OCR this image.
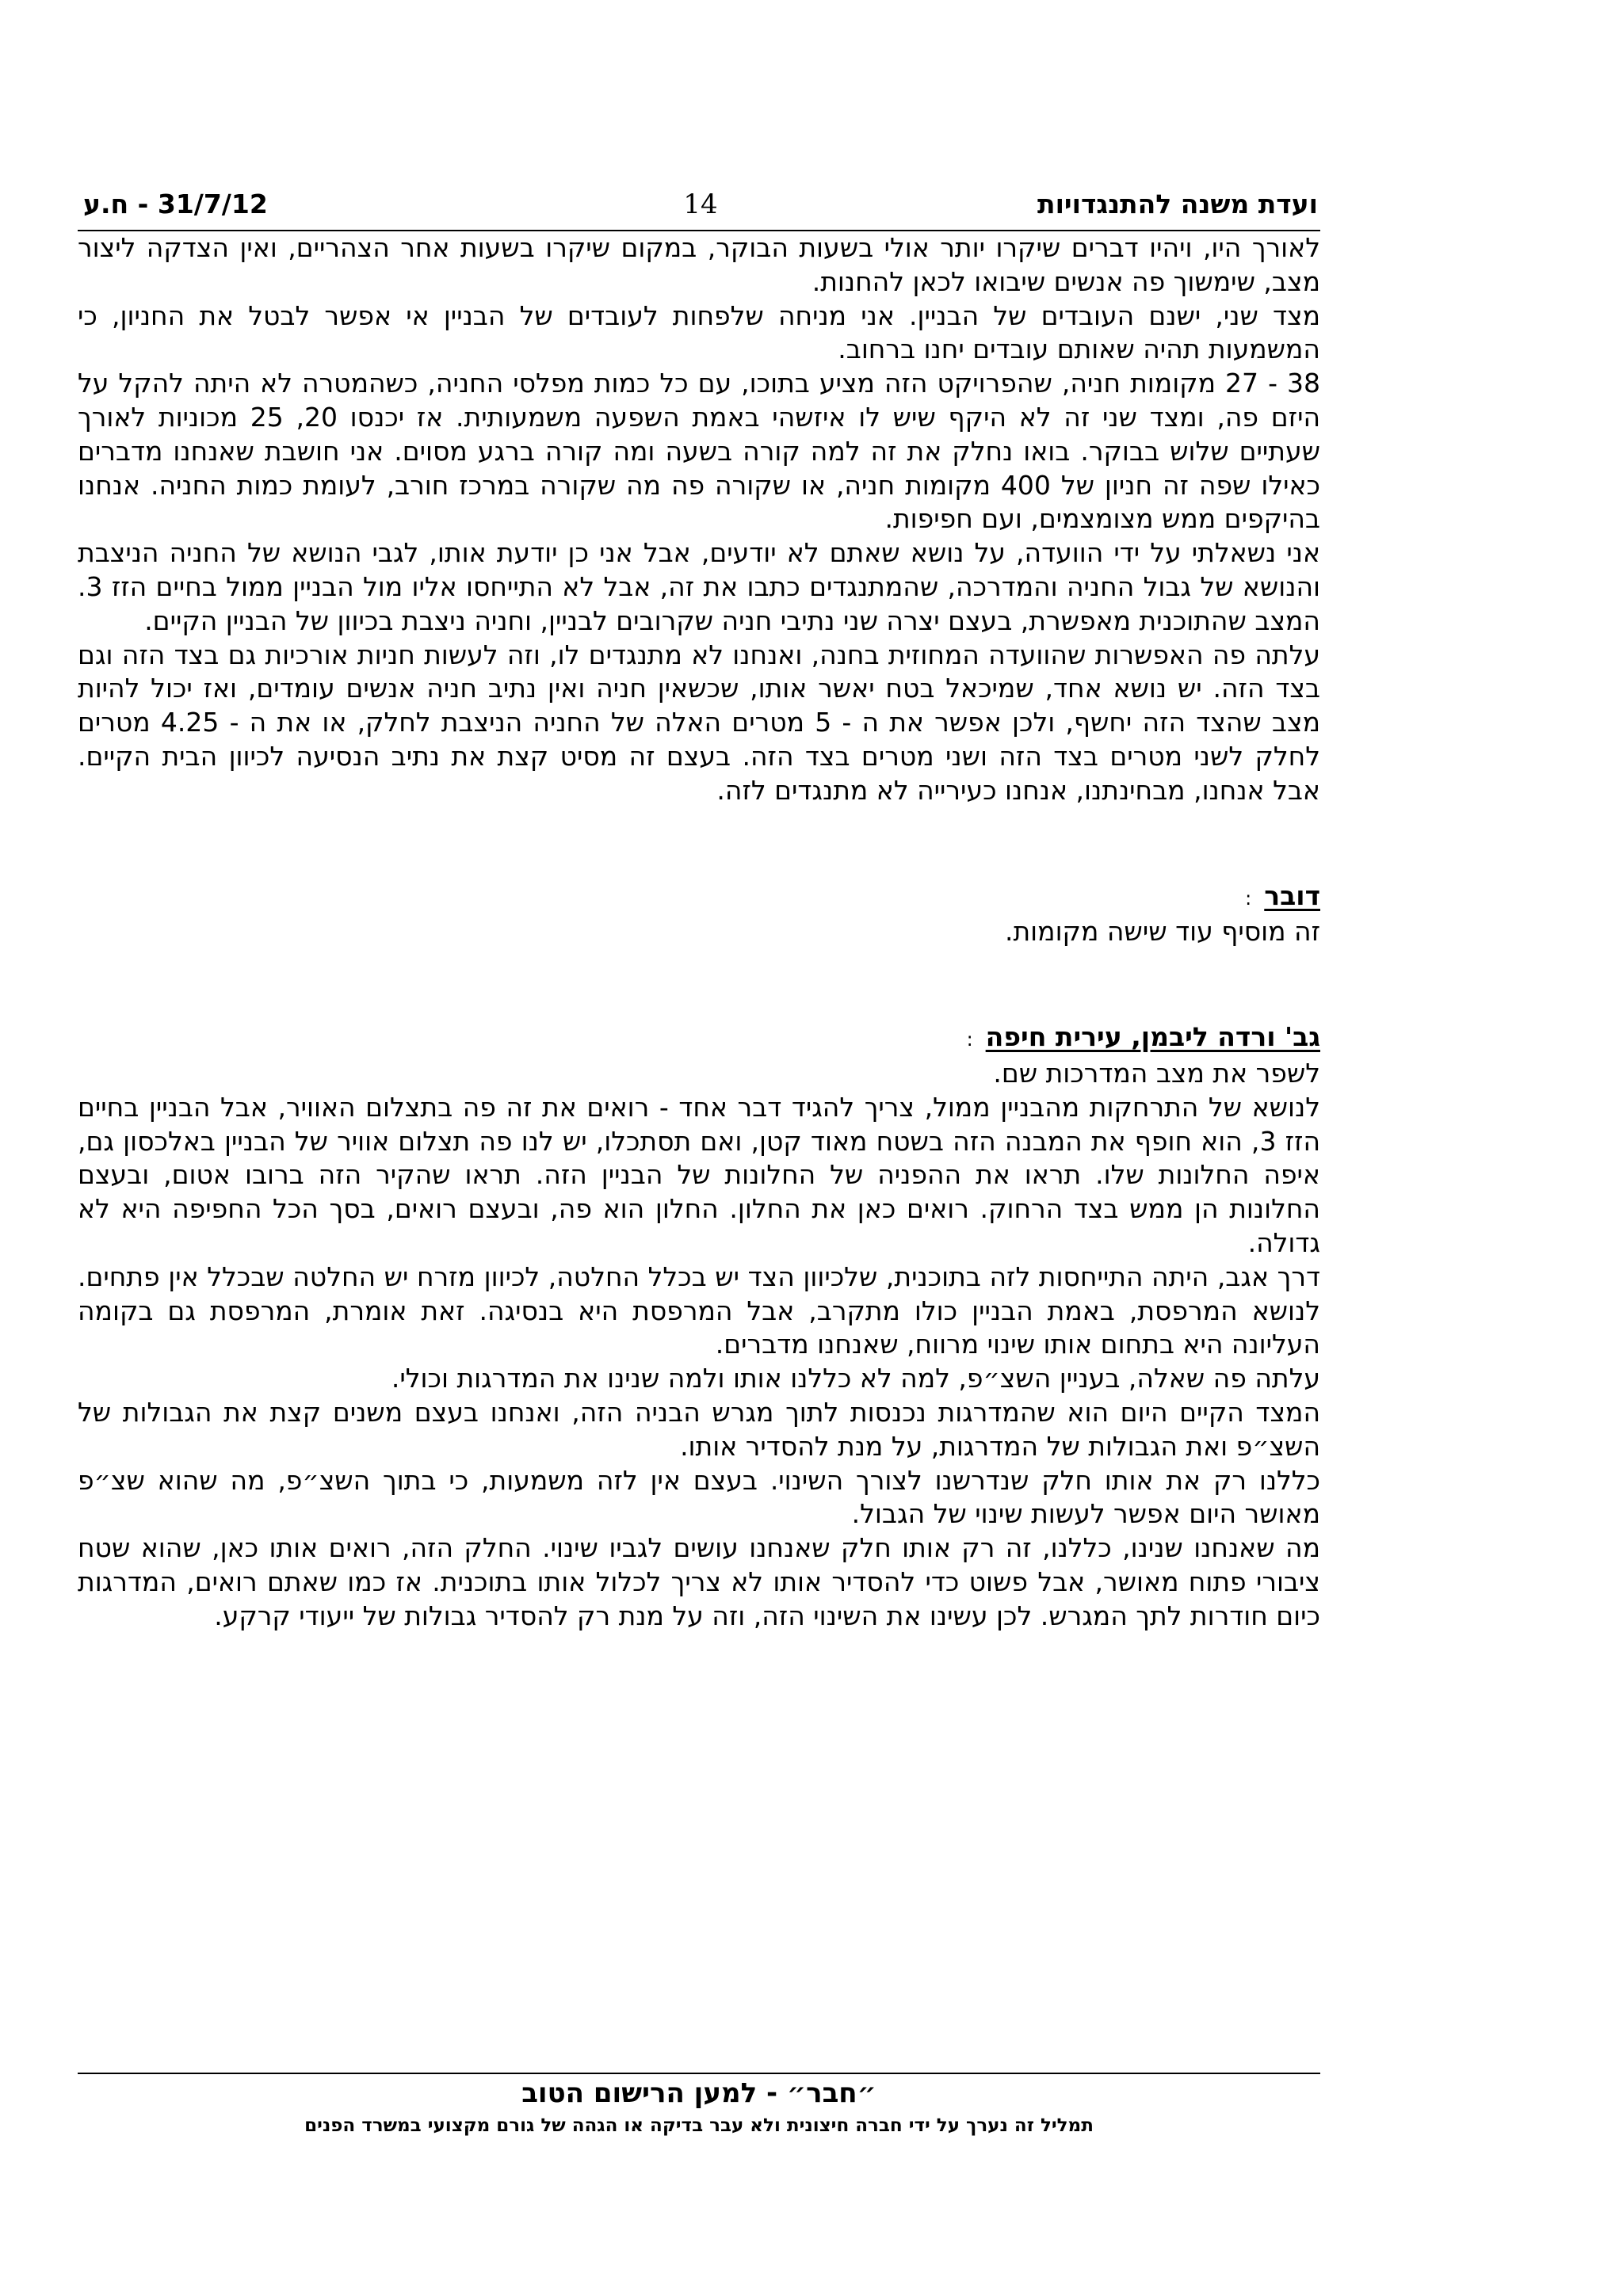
ועדת משנה להתנגדויות
14
31/7/12 - ח.ע

לאורך היו, ויהיו דברים שיקרו יותר אולי בשעות הבוקר, במקום שיקרו בשעות אחר הצהריים, ואין הצדקה ליצור מצב, שימשוך פה אנשים שיבואו לכאן להחנות.

מצד שני, ישנם העובדים של הבניין. אני מניחה שלפחות לעובדים של הבניין אי אפשר לבטל את החניון, כי המשמעות תהיה שאותם עובדים יחנו ברחוב.

38 - 27 מקומות חניה, שהפרויקט הזה מציע בתוכו, עם כל כמות מפלסי החניה, כשהמטרה לא היתה להקל על היזם פה, ומצד שני זה לא היקף שיש לו איזשהי באמת השפעה משמעותית. אז יכנסו 20, 25 מכוניות לאורך שעתיים שלוש בבוקר. בואו נחלק את זה למה קורה בשעה ומה קורה ברגע מסוים. אני חושבת שאנחנו מדברים כאילו שפה זה חניון של 400 מקומות חניה, או שקורה פה מה שקורה במרכז חורב, לעומת כמות החניה. אנחנו בהיקפים ממש מצומצמים, ועם חפיפות.

אני נשאלתי על ידי הוועדה, על נושא שאתם לא יודעים, אבל אני כן יודעת אותו, לגבי הנושא של החניה הניצבת והנושא של גבול החניה והמדרכה, שהמתנגדים כתבו את זה, אבל לא התייחסו אליו מול הבניין ממול בחיים הזז 3. המצב שהתוכנית מאפשרת, בעצם יצרה שני נתיבי חניה שקרובים לבניין, וחניה ניצבת בכיוון של הבניין הקיים.

עלתה פה האפשרות שהוועדה המחוזית בחנה, ואנחנו לא מתנגדים לו, וזה לעשות חניות אורכיות גם בצד הזה וגם בצד הזה. יש נושא אחד, שמיכאל בטח יאשר אותו, שכשאין חניה ואין נתיב חניה אנשים עומדים, ואז יכול להיות מצב שהצד הזה יחשף, ולכן אפשר את ה - 5 מטרים האלה של החניה הניצבת לחלק, או את ה - 4.25 מטרים לחלק לשני מטרים בצד הזה ושני מטרים בצד הזה. בעצם זה מסיט קצת את נתיב הנסיעה לכיוון הבית הקיים. אבל אנחנו, מבחינתנו, אנחנו כעירייה לא מתנגדים לזה.

דובר:

זה מוסיף עוד שישה מקומות.

גב' ורדה ליבמן, עירית חיפה:

לשפר את מצב המדרכות שם.

לנושא של התרחקות מהבניין ממול, צריך להגיד דבר אחד - רואים את זה פה בתצלום האוויר, אבל הבניין בחיים הזז 3, הוא חופף את המבנה הזה בשטח מאוד קטן, ואם תסתכלו, יש לנו פה תצלום אוויר של הבניין באלכסון גם, איפה החלונות שלו. תראו את ההפניה של החלונות של הבניין הזה. תראו שהקיר הזה ברובו אטום, ובעצם החלונות הן ממש בצד הרחוק. רואים כאן את החלון. החלון הוא פה, ובעצם רואים, בסך הכל החפיפה היא לא גדולה.

דרך אגב, היתה התייחסות לזה בתוכנית, שלכיוון הצד יש בכלל החלטה, לכיוון מזרח יש החלטה שבכלל אין פתחים. לנושא המרפסת, באמת הבניין כולו מתקרב, אבל המרפסת היא בנסיגה. זאת אומרת, המרפסת גם בקומה העליונה היא בתחום אותו שינוי מרווח, שאנחנו מדברים.

עלתה פה שאלה, בעניין השצ״פ, למה לא כללנו אותו ולמה שנינו את המדרגות וכולי.

המצד הקיים היום הוא שהמדרגות נכנסות לתוך מגרש הבניה הזה, ואנחנו בעצם משנים קצת את הגבולות של השצ״פ ואת הגבולות של המדרגות, על מנת להסדיר אותו.

כללנו רק את אותו חלק שנדרשנו לצורך השינוי. בעצם אין לזה משמעות, כי בתוך השצ״פ, מה שהוא שצ״פ מאושר היום אפשר לעשות שינוי של הגבול.

מה שאנחנו שנינו, כללנו, זה רק אותו חלק שאנחנו עושים לגביו שינוי. החלק הזה, רואים אותו כאן, שהוא שטח ציבורי פתוח מאושר, אבל פשוט כדי להסדיר אותו לא צריך לכלול אותו בתוכנית. אז כמו שאתם רואים, המדרגות כיום חודרות לתך המגרש. לכן עשינו את השינוי הזה, וזה על מנת רק להסדיר גבולות של ייעודי קרקע.

״חבר״ - למען הרישום הטוב
תמליל זה נערך על ידי חברה חיצונית ולא עבר בדיקה או הגהה של גורם מקצועי במשרד הפנים
